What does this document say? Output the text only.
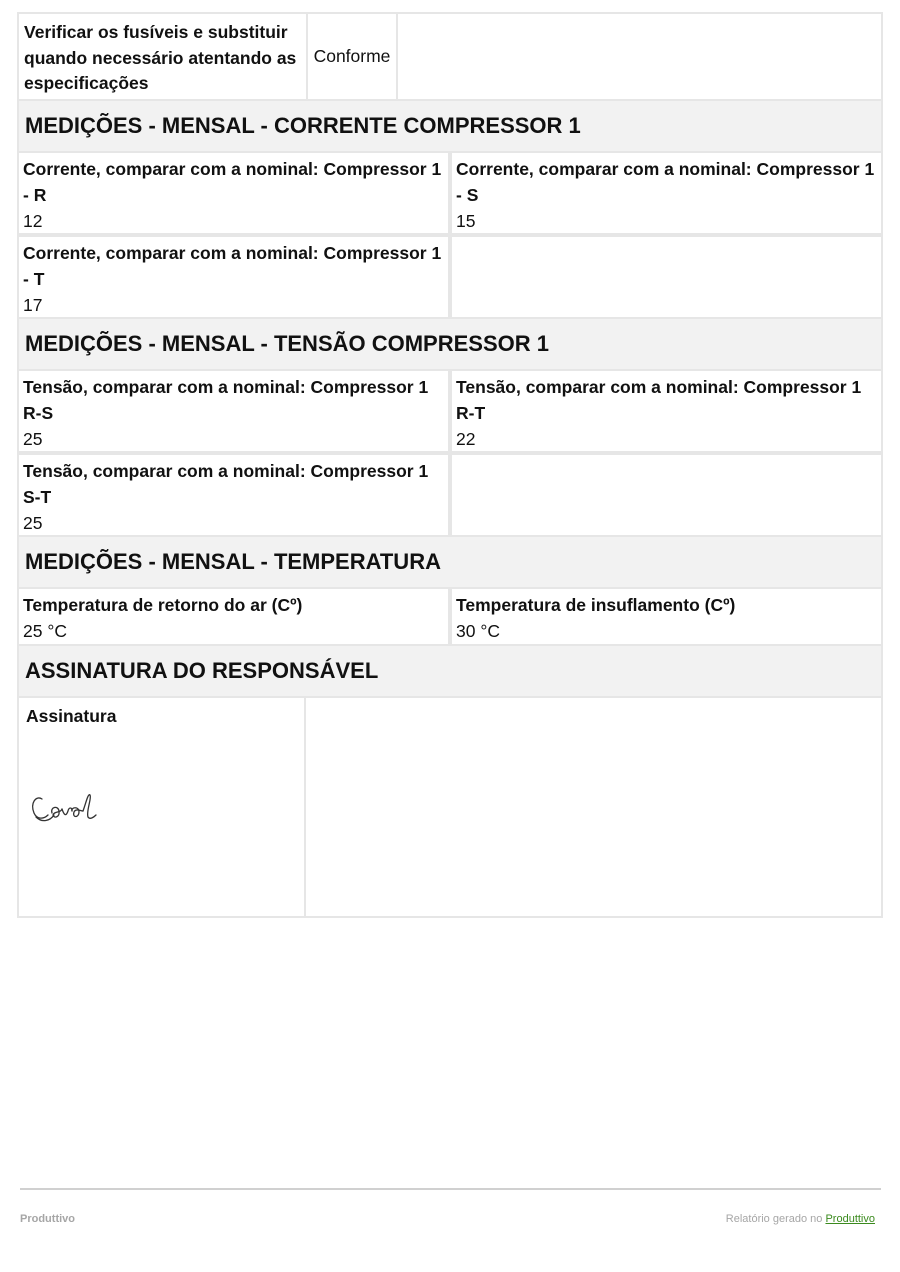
Verificar os fusíveis e substituir quando necessário atentando as especificações
Conforme
MEDIÇÕES - MENSAL - CORRENTE COMPRESSOR 1
Corrente, comparar com a nominal: Compressor 1 - R
12
Corrente, comparar com a nominal: Compressor 1 - S
15
Corrente, comparar com a nominal: Compressor 1 - T
17
MEDIÇÕES - MENSAL - TENSÃO COMPRESSOR 1
Tensão, comparar com a nominal: Compressor 1 R-S
25
Tensão, comparar com a nominal: Compressor 1 R-T
22
Tensão, comparar com a nominal: Compressor 1 S-T
25
MEDIÇÕES - MENSAL - TEMPERATURA
Temperatura de retorno do ar (Cº)
25 °C
Temperatura de insuflamento (Cº)
30 °C
ASSINATURA DO RESPONSÁVEL
Assinatura
Produttivo	Relatório gerado no Produttivo
